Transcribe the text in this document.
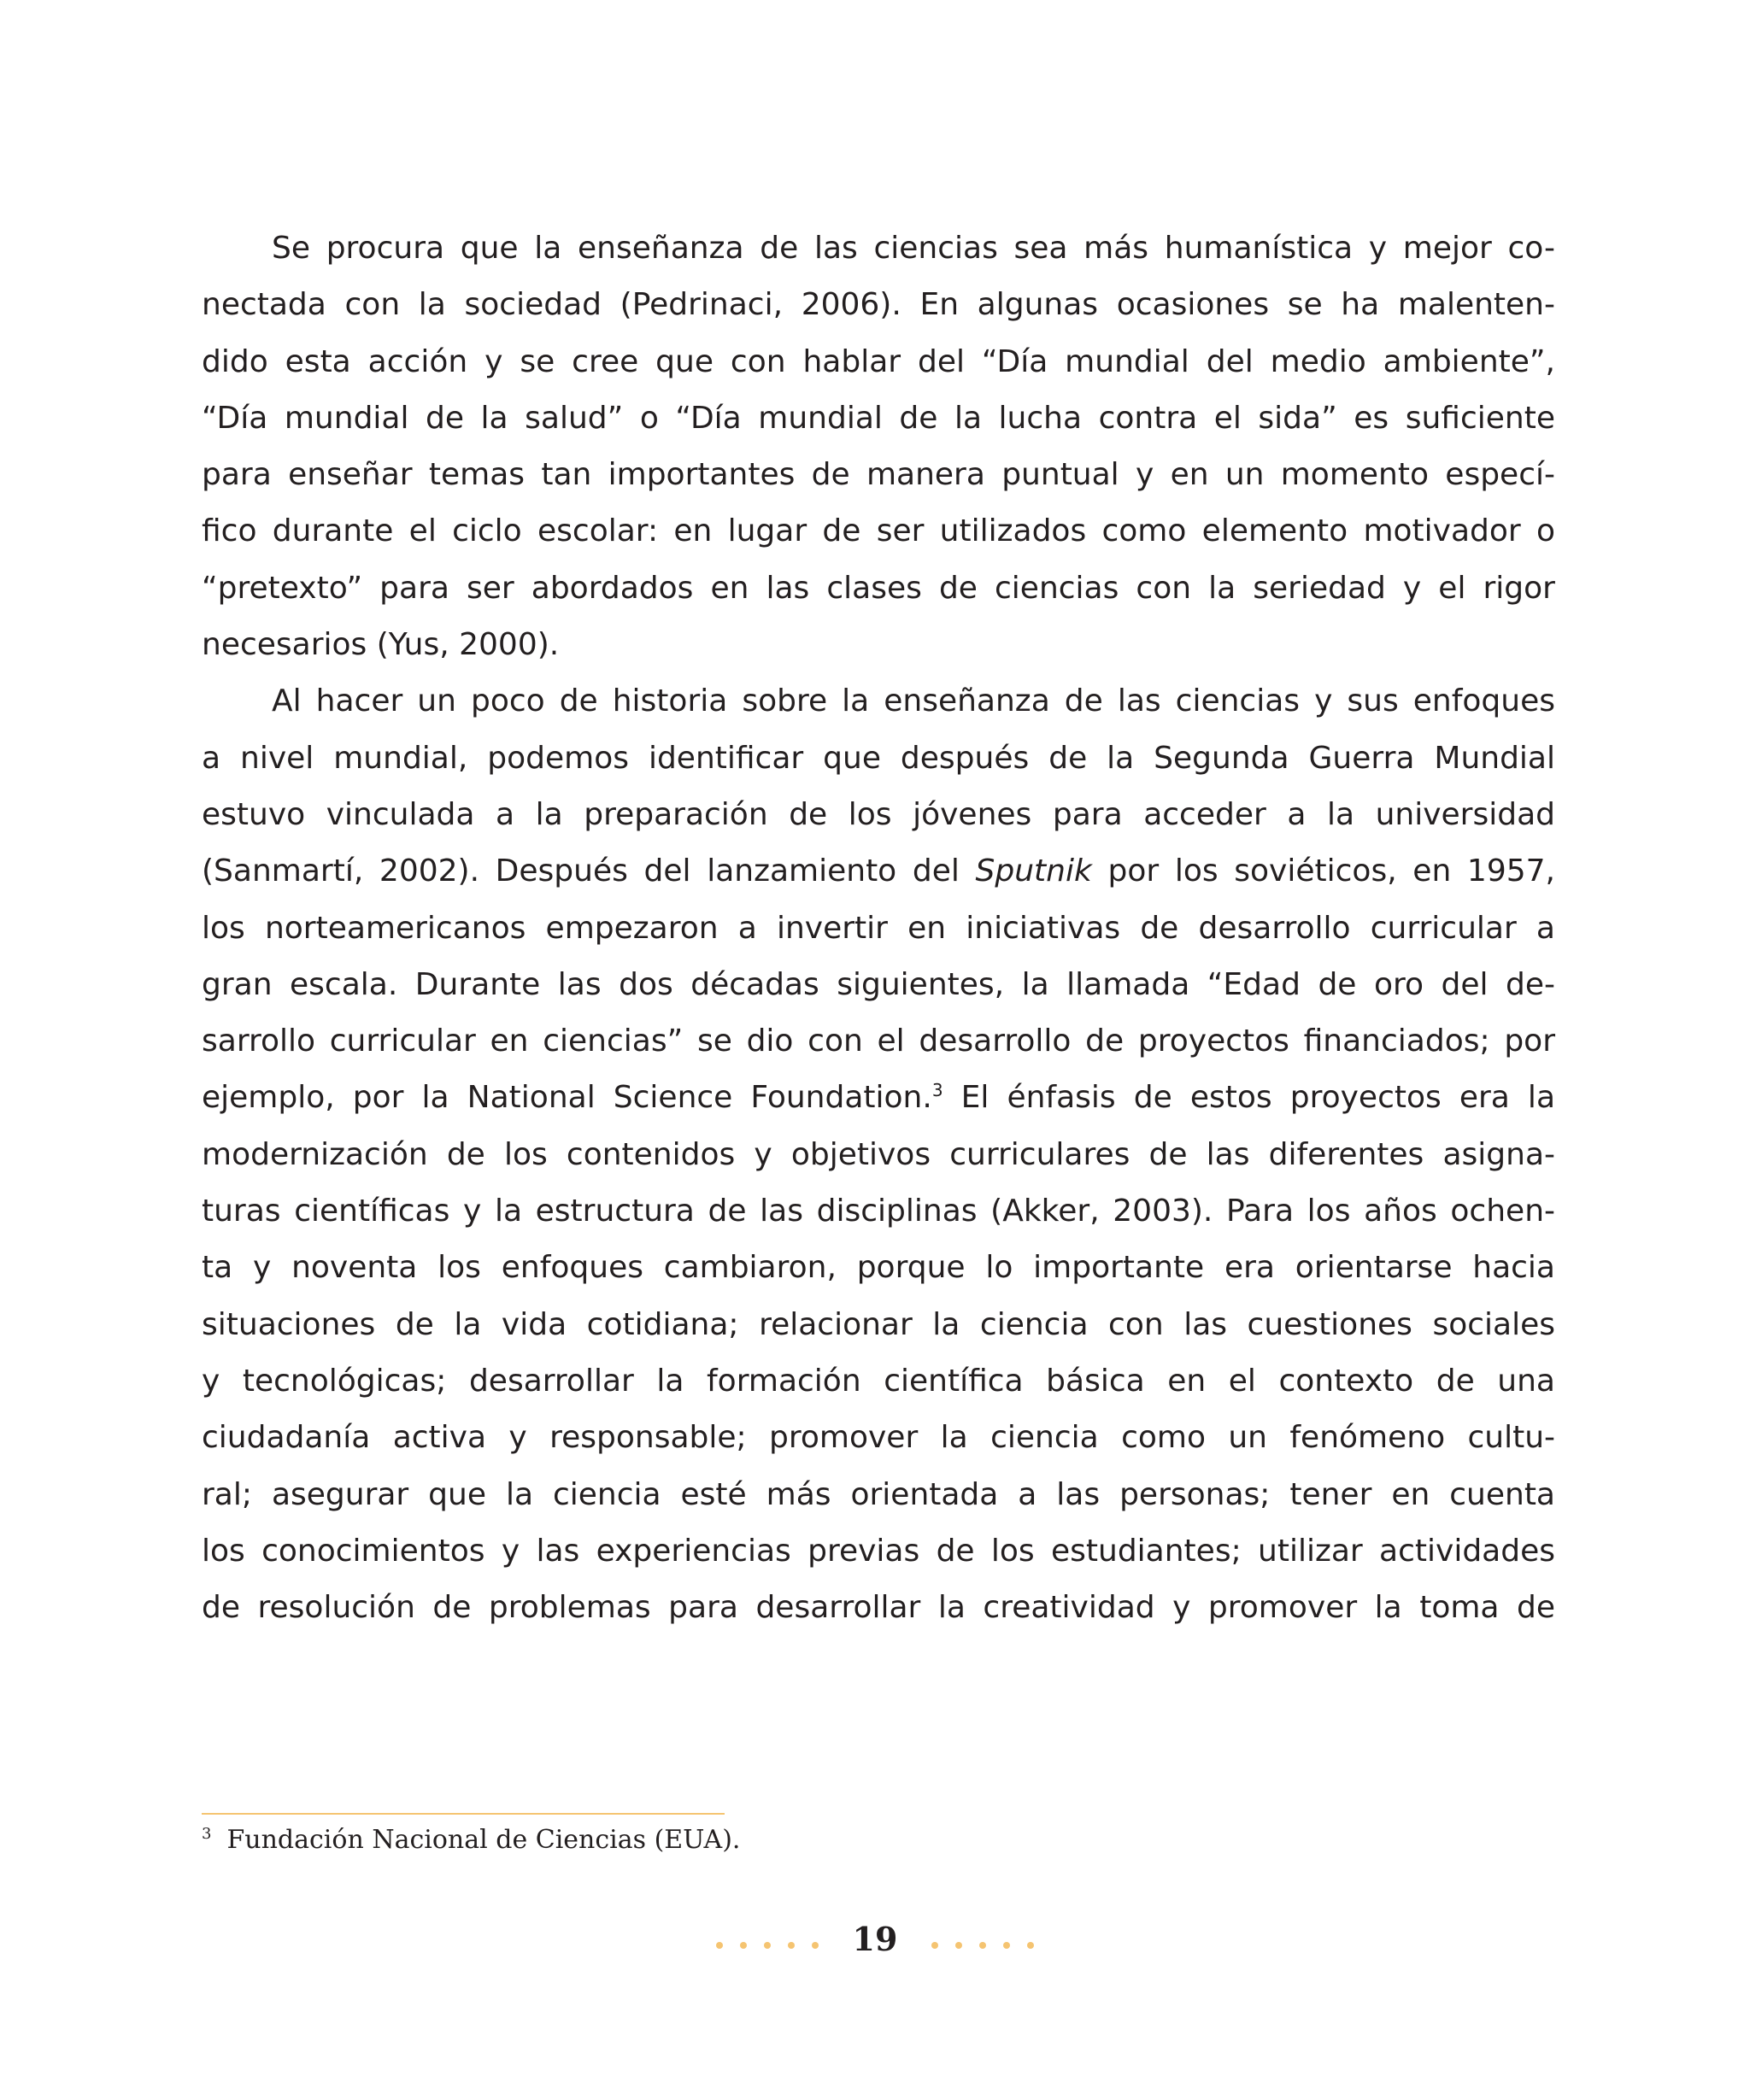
Se procura que la enseñanza de las ciencias sea más humanística y mejor co-
nectada con la sociedad (Pedrinaci, 2006). En algunas ocasiones se ha malenten-
dido esta acción y se cree que con hablar del “Día mundial del medio ambiente”,
“Día mundial de la salud” o “Día mundial de la lucha contra el sida” es suficiente
para enseñar temas tan importantes de manera puntual y en un momento especí-
fico durante el ciclo escolar: en lugar de ser utilizados como elemento motivador o
“pretexto” para ser abordados en las clases de ciencias con la seriedad y el rigor
necesarios (Yus, 2000).
Al hacer un poco de historia sobre la enseñanza de las ciencias y sus enfoques
a nivel mundial, podemos identificar que después de la Segunda Guerra Mundial
estuvo vinculada a la preparación de los jóvenes para acceder a la universidad
(Sanmartí, 2002). Después del lanzamiento del Sputnik por los soviéticos, en 1957,
los norteamericanos empezaron a invertir en iniciativas de desarrollo curricular a
gran escala. Durante las dos décadas siguientes, la llamada “Edad de oro del de-
sarrollo curricular en ciencias” se dio con el desarrollo de proyectos financiados; por
ejemplo, por la National Science Foundation.$^3$ El énfasis de estos proyectos era la
modernización de los contenidos y objetivos curriculares de las diferentes asigna-
turas científicas y la estructura de las disciplinas (Akker, 2003). Para los años ochen-
ta y noventa los enfoques cambiaron, porque lo importante era orientarse hacia
situaciones de la vida cotidiana; relacionar la ciencia con las cuestiones sociales
y tecnológicas; desarrollar la formación científica básica en el contexto de una
ciudadanía activa y responsable; promover la ciencia como un fenómeno cultu-
ral; asegurar que la ciencia esté más orientada a las personas; tener en cuenta
los conocimientos y las experiencias previas de los estudiantes; utilizar actividades
de resolución de problemas para desarrollar la creatividad y promover la toma de
$^3$ Fundación Nacional de Ciencias (EUA).
19
